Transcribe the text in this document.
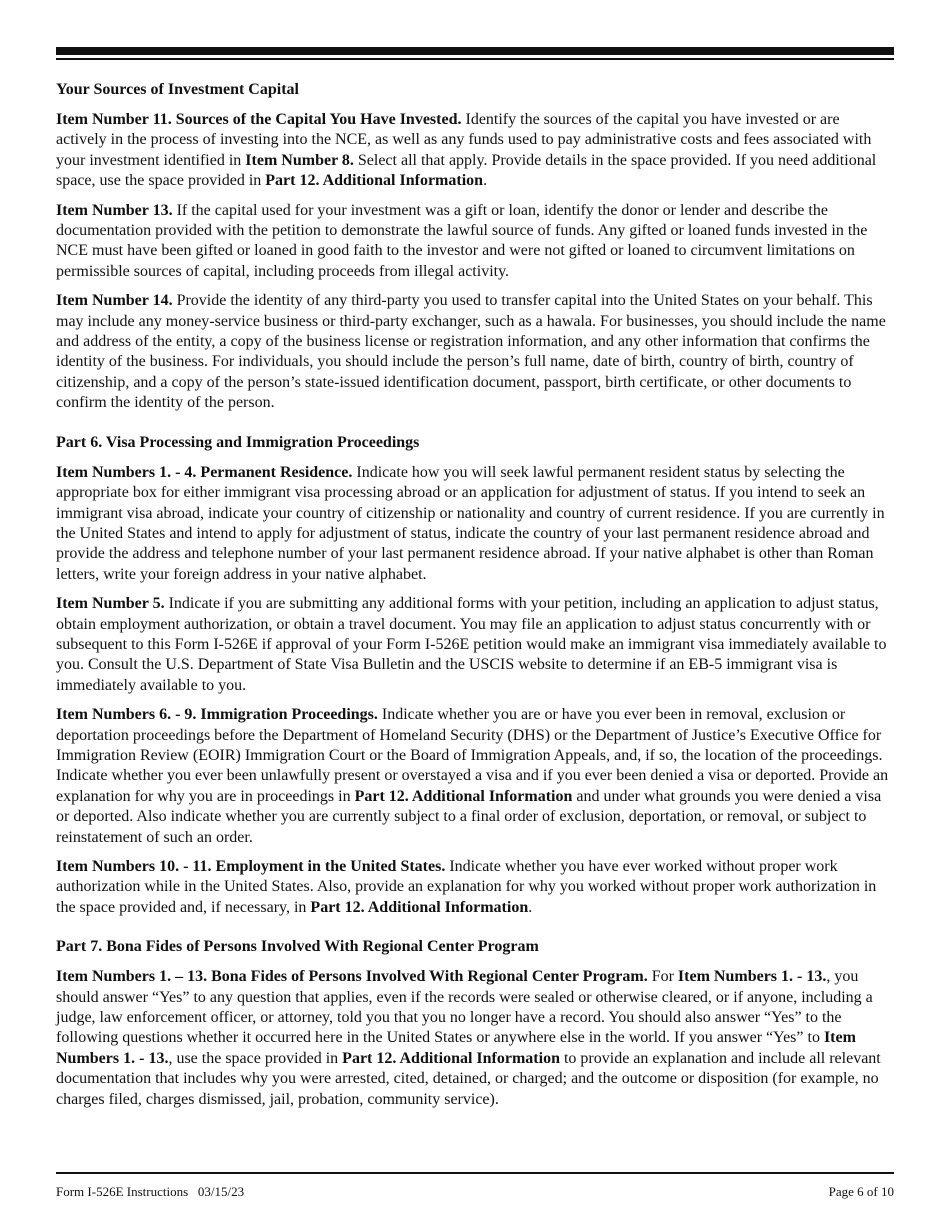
Your Sources of Investment Capital

Item Number 11. Sources of the Capital You Have Invested. Identify the sources of the capital you have invested or are actively in the process of investing into the NCE, as well as any funds used to pay administrative costs and fees associated with your investment identified in Item Number 8. Select all that apply. Provide details in the space provided. If you need additional space, use the space provided in Part 12. Additional Information.

Item Number 13. If the capital used for your investment was a gift or loan, identify the donor or lender and describe the documentation provided with the petition to demonstrate the lawful source of funds. Any gifted or loaned funds invested in the NCE must have been gifted or loaned in good faith to the investor and were not gifted or loaned to circumvent limitations on permissible sources of capital, including proceeds from illegal activity.

Item Number 14. Provide the identity of any third-party you used to transfer capital into the United States on your behalf. This may include any money-service business or third-party exchanger, such as a hawala. For businesses, you should include the name and address of the entity, a copy of the business license or registration information, and any other information that confirms the identity of the business. For individuals, you should include the person’s full name, date of birth, country of birth, country of citizenship, and a copy of the person’s state-issued identification document, passport, birth certificate, or other documents to confirm the identity of the person.

Part 6. Visa Processing and Immigration Proceedings

Item Numbers 1. - 4. Permanent Residence. Indicate how you will seek lawful permanent resident status by selecting the appropriate box for either immigrant visa processing abroad or an application for adjustment of status. If you intend to seek an immigrant visa abroad, indicate your country of citizenship or nationality and country of current residence. If you are currently in the United States and intend to apply for adjustment of status, indicate the country of your last permanent residence abroad and provide the address and telephone number of your last permanent residence abroad. If your native alphabet is other than Roman letters, write your foreign address in your native alphabet.

Item Number 5. Indicate if you are submitting any additional forms with your petition, including an application to adjust status, obtain employment authorization, or obtain a travel document. You may file an application to adjust status concurrently with or subsequent to this Form I-526E if approval of your Form I-526E petition would make an immigrant visa immediately available to you. Consult the U.S. Department of State Visa Bulletin and the USCIS website to determine if an EB-5 immigrant visa is immediately available to you.

Item Numbers 6. - 9. Immigration Proceedings. Indicate whether you are or have you ever been in removal, exclusion or deportation proceedings before the Department of Homeland Security (DHS) or the Department of Justice’s Executive Office for Immigration Review (EOIR) Immigration Court or the Board of Immigration Appeals, and, if so, the location of the proceedings. Indicate whether you ever been unlawfully present or overstayed a visa and if you ever been denied a visa or deported. Provide an explanation for why you are in proceedings in Part 12. Additional Information and under what grounds you were denied a visa or deported. Also indicate whether you are currently subject to a final order of exclusion, deportation, or removal, or subject to reinstatement of such an order.

Item Numbers 10. - 11. Employment in the United States. Indicate whether you have ever worked without proper work authorization while in the United States. Also, provide an explanation for why you worked without proper work authorization in the space provided and, if necessary, in Part 12. Additional Information.

Part 7. Bona Fides of Persons Involved With Regional Center Program

Item Numbers 1. – 13. Bona Fides of Persons Involved With Regional Center Program. For Item Numbers 1. - 13., you should answer “Yes” to any question that applies, even if the records were sealed or otherwise cleared, or if anyone, including a judge, law enforcement officer, or attorney, told you that you no longer have a record. You should also answer “Yes” to the following questions whether it occurred here in the United States or anywhere else in the world. If you answer “Yes” to Item Numbers 1. - 13., use the space provided in Part 12. Additional Information to provide an explanation and include all relevant documentation that includes why you were arrested, cited, detained, or charged; and the outcome or disposition (for example, no charges filed, charges dismissed, jail, probation, community service).

Form I-526E Instructions   03/15/23	Page 6 of 10
